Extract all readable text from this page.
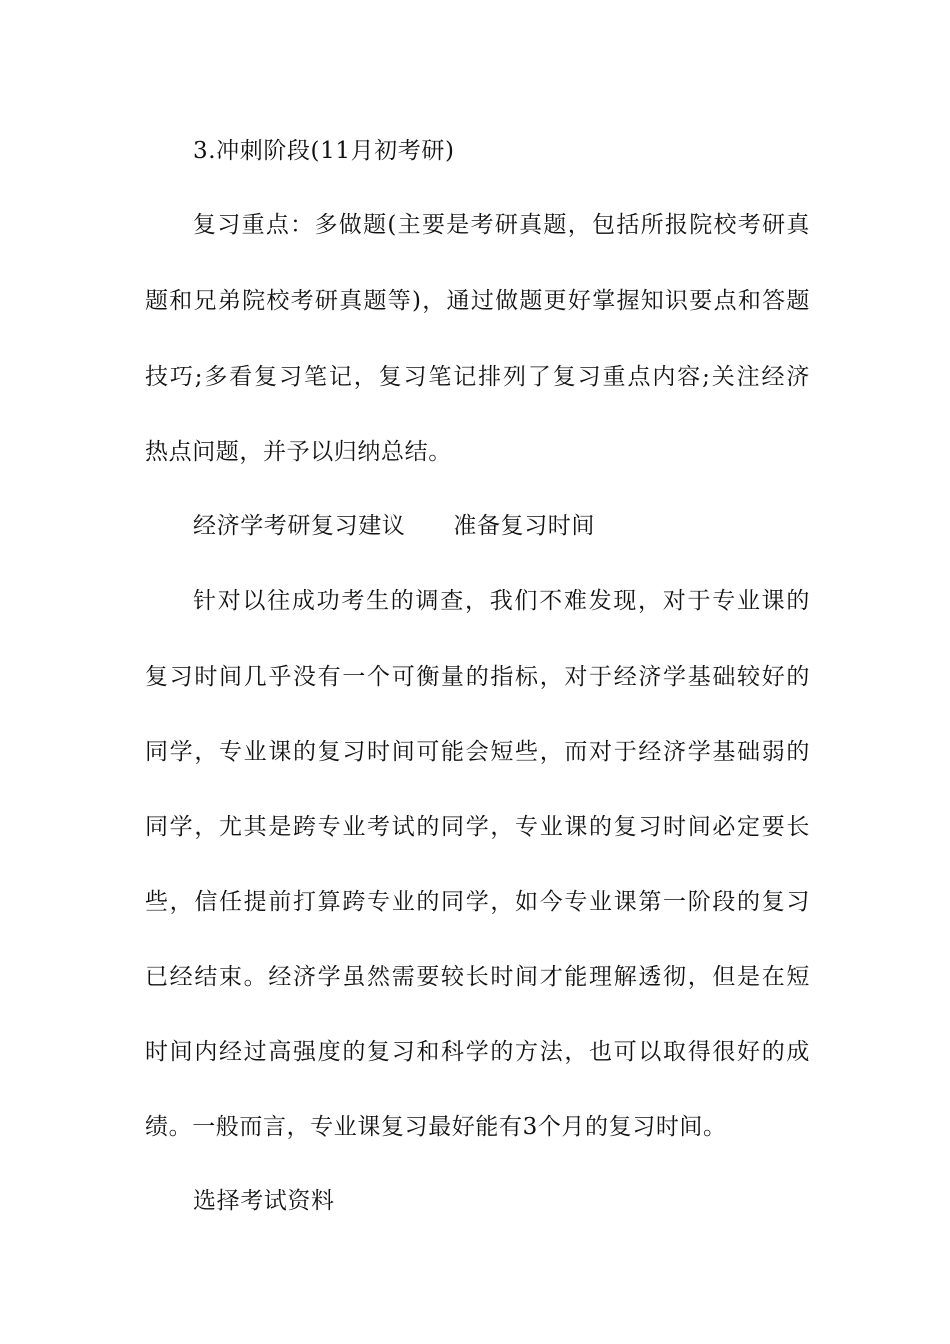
3.冲刺阶段(11月初考研)
复习重点：多做题(主要是考研真题，包括所报院校考研真
题和兄弟院校考研真题等)，通过做题更好掌握知识要点和答题
技巧;多看复习笔记，复习笔记排列了复习重点内容;关注经济
热点问题，并予以归纳总结。
经济学考研复习建议 准备复习时间
针对以往成功考生的调查，我们不难发现，对于专业课的
复习时间几乎没有一个可衡量的指标，对于经济学基础较好的
同学，专业课的复习时间可能会短些，而对于经济学基础弱的
同学，尤其是跨专业考试的同学，专业课的复习时间必定要长
些，信任提前打算跨专业的同学，如今专业课第一阶段的复习
已经结束。经济学虽然需要较长时间才能理解透彻，但是在短
时间内经过高强度的复习和科学的方法，也可以取得很好的成
绩。一般而言，专业课复习最好能有3个月的复习时间。
选择考试资料
